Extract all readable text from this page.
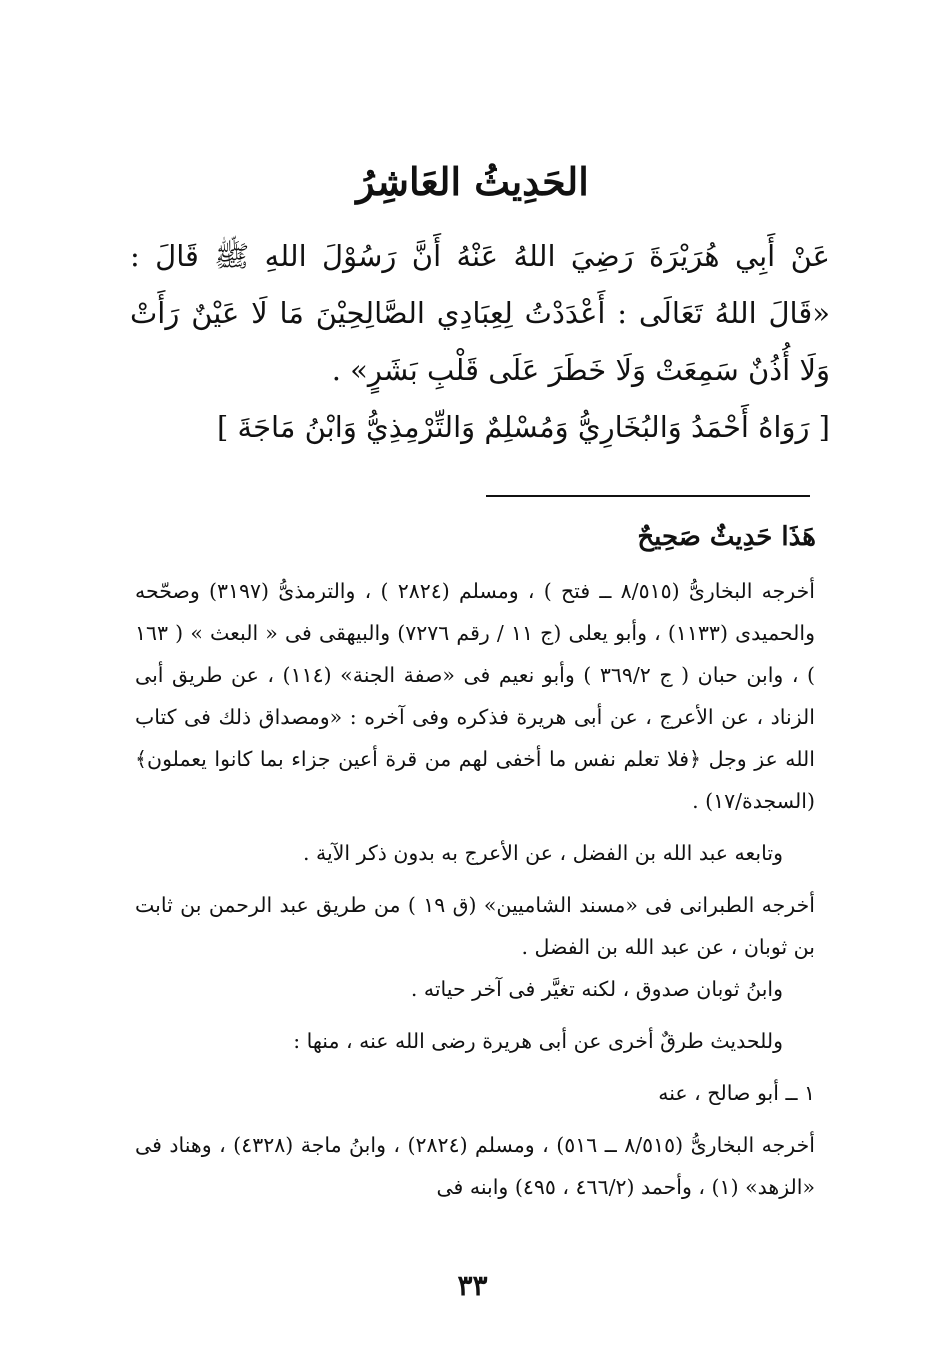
الحَدِيثُ العَاشِرُ

عَنْ أَبِي هُرَيْرَةَ رَضِيَ اللهُ عَنْهُ أَنَّ رَسُوْلَ اللهِ ﷺ قَالَ : «قَالَ اللهُ تَعَالَى : أَعْدَدْتُ لِعِبَادِي الصَّالِحِيْنَ مَا لَا عَيْنٌ رَأَتْ وَلَا أُذُنٌ سَمِعَتْ وَلَا خَطَرَ عَلَى قَلْبِ بَشَرٍ» .

[ رَوَاهُ أَحْمَدُ وَالبُخَارِيُّ وَمُسْلِمٌ وَالتِّرْمِذِيُّ وَابْنُ مَاجَةَ ]

هَذَا حَدِيثٌ صَحِيحٌ

أخرجه البخارىُّ (٨/٥١٥ ــ فتح ) ، ومسلم (٢٨٢٤ ) ، والترمذىُّ (٣١٩٧) وصحّحه والحميدى (١١٣٣) ، وأبو يعلى (ج ١١ / رقم ٧٢٧٦) والبيهقى فى « البعث » ( ١٦٣ ) ، وابن حبان ( ج ٣٦٩/٢ ) وأبو نعيم فى «صفة الجنة» (١١٤) ، عن طريق أبى الزناد ، عن الأعرج ، عن أبى هريرة فذكره وفى آخره : «ومصداق ذلك فى كتاب الله عز وجل ﴿فلا تعلم نفس ما أخفى لهم من قرة أعين جزاء بما كانوا يعملون﴾ (السجدة/١٧) .

وتابعه عبد الله بن الفضل ، عن الأعرج به بدون ذكر الآية .

أخرجه الطبرانى فى «مسند الشاميين» (ق ١٩ ) من طريق عبد الرحمن بن ثابت بن ثوبان ، عن عبد الله بن الفضل .

وابنُ ثوبان صدوق ، لكنه تغيَّر فى آخر حياته .

وللحديث طرقٌ أخرى عن أبى هريرة رضى الله عنه ، منها :

١ ــ أبو صالح ، عنه

أخرجه البخارىُّ (٨/٥١٥ ــ ٥١٦) ، ومسلم (٢٨٢٤) ، وابنُ ماجة (٤٣٢٨) ، وهناد فى «الزهد» (١) ، وأحمد (٤٦٦/٢ ، ٤٩٥) وابنه فى

٣٣
